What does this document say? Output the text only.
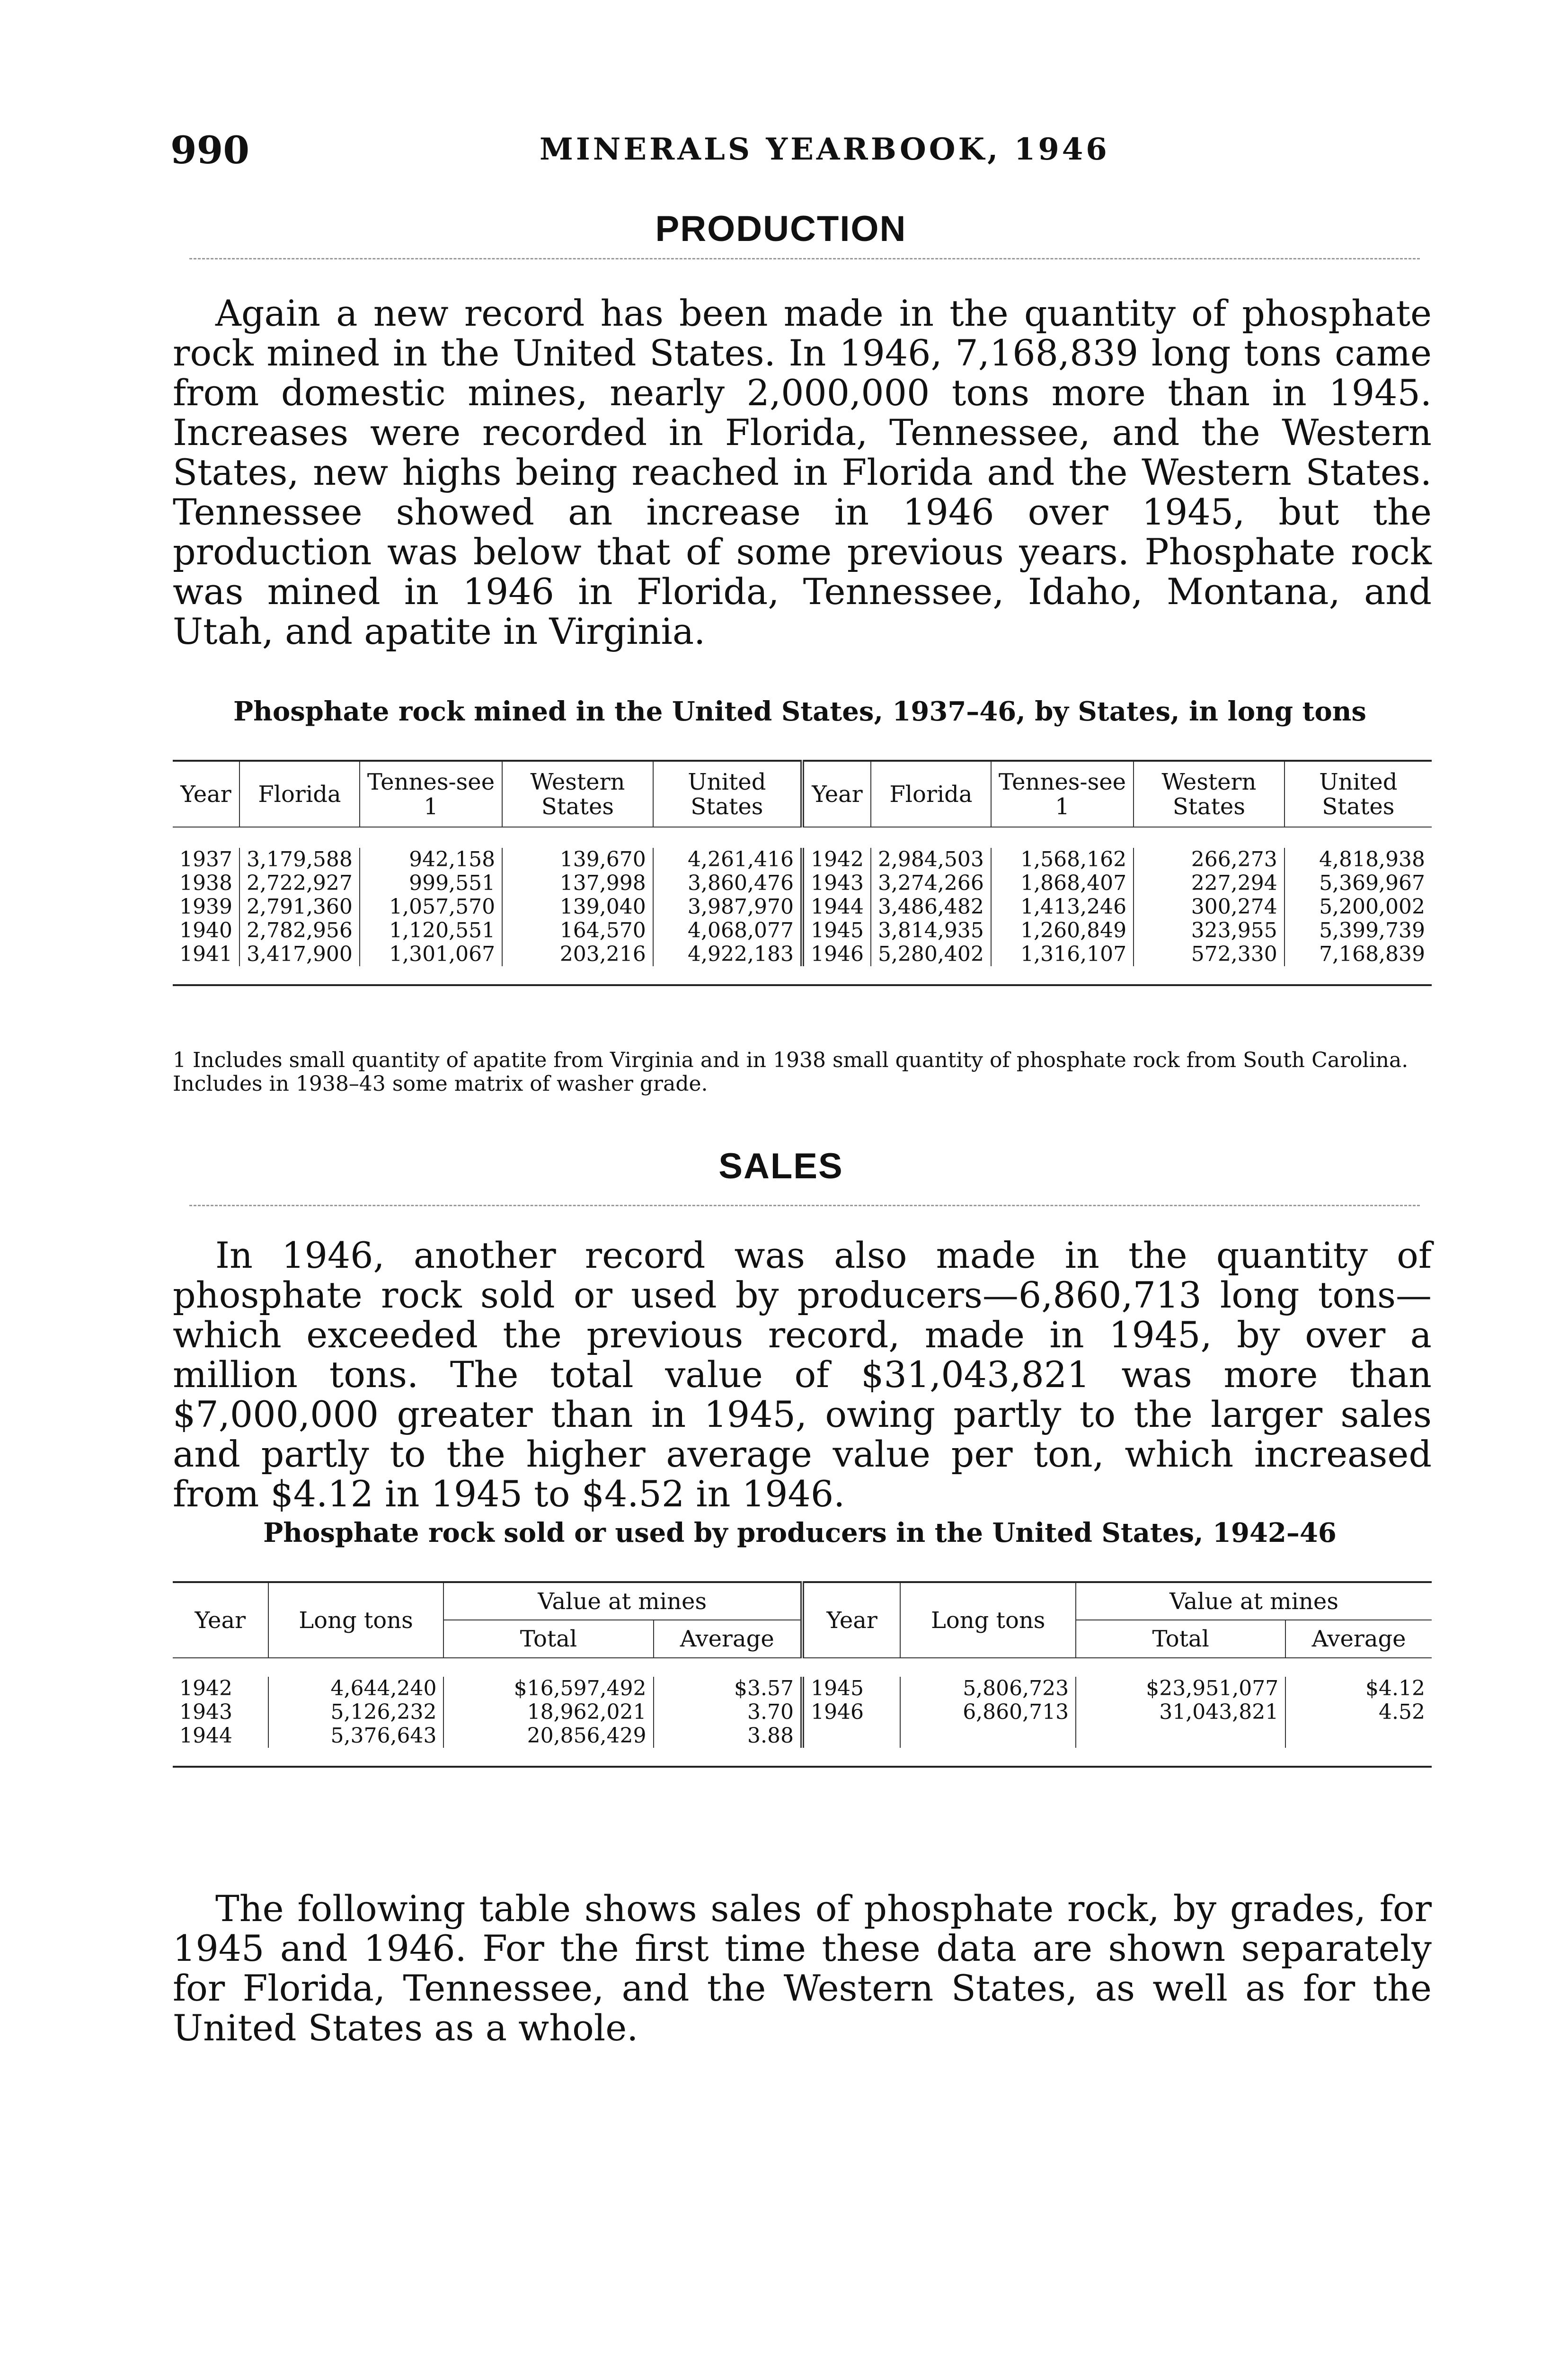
990	MINERALS YEARBOOK, 1946
PRODUCTION
Again a new record has been made in the quantity of phosphate rock mined in the United States. In 1946, 7,168,839 long tons came from domestic mines, nearly 2,000,000 tons more than in 1945. Increases were recorded in Florida, Tennessee, and the Western States, new highs being reached in Florida and the Western States. Tennessee showed an increase in 1946 over 1945, but the production was below that of some previous years. Phosphate rock was mined in 1946 in Florida, Tennessee, Idaho, Montana, and Utah, and apatite in Virginia.
Phosphate rock mined in the United States, 1937–46, by States, in long tons
Year	Florida	Tennes-see 1	Western States	United States	Year	Florida	Tennes-see 1	Western States	United States

1937	3,179,588	942,158	139,670	4,261,416	1942	2,984,503	1,568,162	266,273	4,818,938
1938	2,722,927	999,551	137,998	3,860,476	1943	3,274,266	1,868,407	227,294	5,369,967
1939	2,791,360	1,057,570	139,040	3,987,970	1944	3,486,482	1,413,246	300,274	5,200,002
1940	2,782,956	1,120,551	164,570	4,068,077	1945	3,814,935	1,260,849	323,955	5,399,739
1941	3,417,900	1,301,067	203,216	4,922,183	1946	5,280,402	1,316,107	572,330	7,168,839

1 Includes small quantity of apatite from Virginia and in 1938 small quantity of phosphate rock from South Carolina. Includes in 1938–43 some matrix of washer grade.
SALES
In 1946, another record was also made in the quantity of phosphate rock sold or used by producers—6,860,713 long tons—which exceeded the previous record, made in 1945, by over a million tons. The total value of $31,043,821 was more than $7,000,000 greater than in 1945, owing partly to the larger sales and partly to the higher average value per ton, which increased from $4.12 in 1945 to $4.52 in 1946.
Phosphate rock sold or used by producers in the United States, 1942–46
Year	Long tons	Value at mines		Year	Long tons	Value at mines	
		Total	Average			Total	Average

1942	4,644,240	$16,597,492	$3.57	1945	5,806,723	$23,951,077	$4.12
1943	5,126,232	18,962,021	3.70	1946	6,860,713	31,043,821	4.52
1944	5,376,643	20,856,429	3.88				

The following table shows sales of phosphate rock, by grades, for 1945 and 1946. For the first time these data are shown separately for Florida, Tennessee, and the Western States, as well as for the United States as a whole.
